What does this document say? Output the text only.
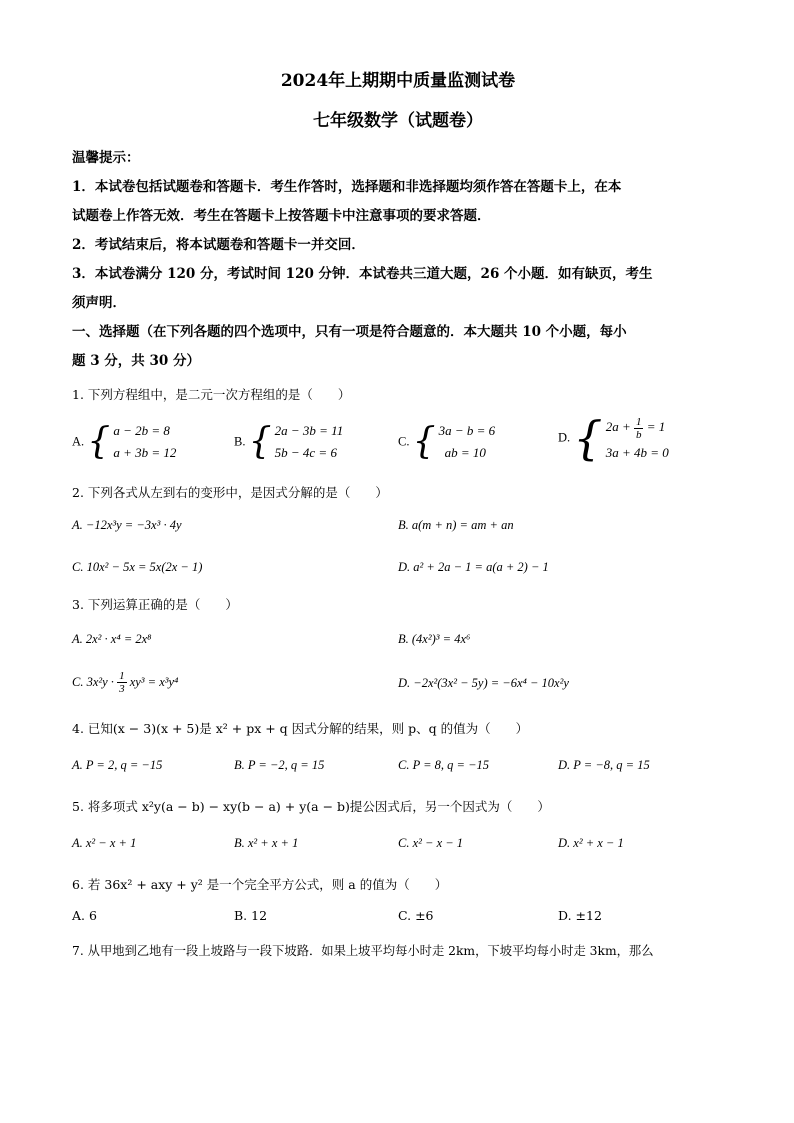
2024年上期期中质量监测试卷
七年级数学（试题卷）
温馨提示：
1．本试卷包括试题卷和答题卡．考生作答时，选择题和非选择题均须作答在答题卡上，在本
试题卷上作答无效．考生在答题卡上按答题卡中注意事项的要求答题．
2．考试结束后，将本试题卷和答题卡一并交回．
3．本试卷满分 120 分，考试时间 120 分钟．本试卷共三道大题，26 个小题．如有缺页，考生
须声明．
一、选择题（在下列各题的四个选项中，只有一项是符合题意的．本大题共 10 个小题，每小
题 3 分，共 30 分）
1. 下列方程组中，是二元一次方程组的是（　　）
A. { a − 2b = 8
a + 3b = 12
B. { 2a − 3b = 11
5b − 4c = 6
C. { 3a − b = 6
ab = 10
D. { $2a + \frac{1}{b} = 1$
3a + 4b = 0
2. 下列各式从左到右的变形中，是因式分解的是（　　）
A. −12x³y = −3x³ · 4y	B. a(m + n) = am + an
C. 10x² − 5x = 5x(2x − 1)	D. a² + 2a − 1 = a(a + 2) − 1
3. 下列运算正确的是（　　）
A. 2x² · x⁴ = 2x⁸	B. (4x²)³ = 4x⁶
C. $3x^2y \cdot \frac{1}{3} xy^3 = x^3y^4$	D. −2x²(3x² − 5y) = −6x⁴ − 10x²y
4. 已知(x − 3)(x + 5)是 x² + px + q 因式分解的结果，则 p、q 的值为（　　）
A. P = 2, q = −15	B. P = −2, q = 15	C. P = 8, q = −15	D. P = −8, q = 15
5. 将多项式 x²y(a − b) − xy(b − a) + y(a − b)提公因式后，另一个因式为（　　）
A. x² − x + 1	B. x² + x + 1	C. x² − x − 1	D. x² + x − 1
6. 若 36x² + axy + y² 是一个完全平方公式，则 a 的值为（　　）
A. 6	B. 12	C. ±6	D. ±12
7. 从甲地到乙地有一段上坡路与一段下坡路．如果上坡平均每小时走 2km，下坡平均每小时走 3km，那么
